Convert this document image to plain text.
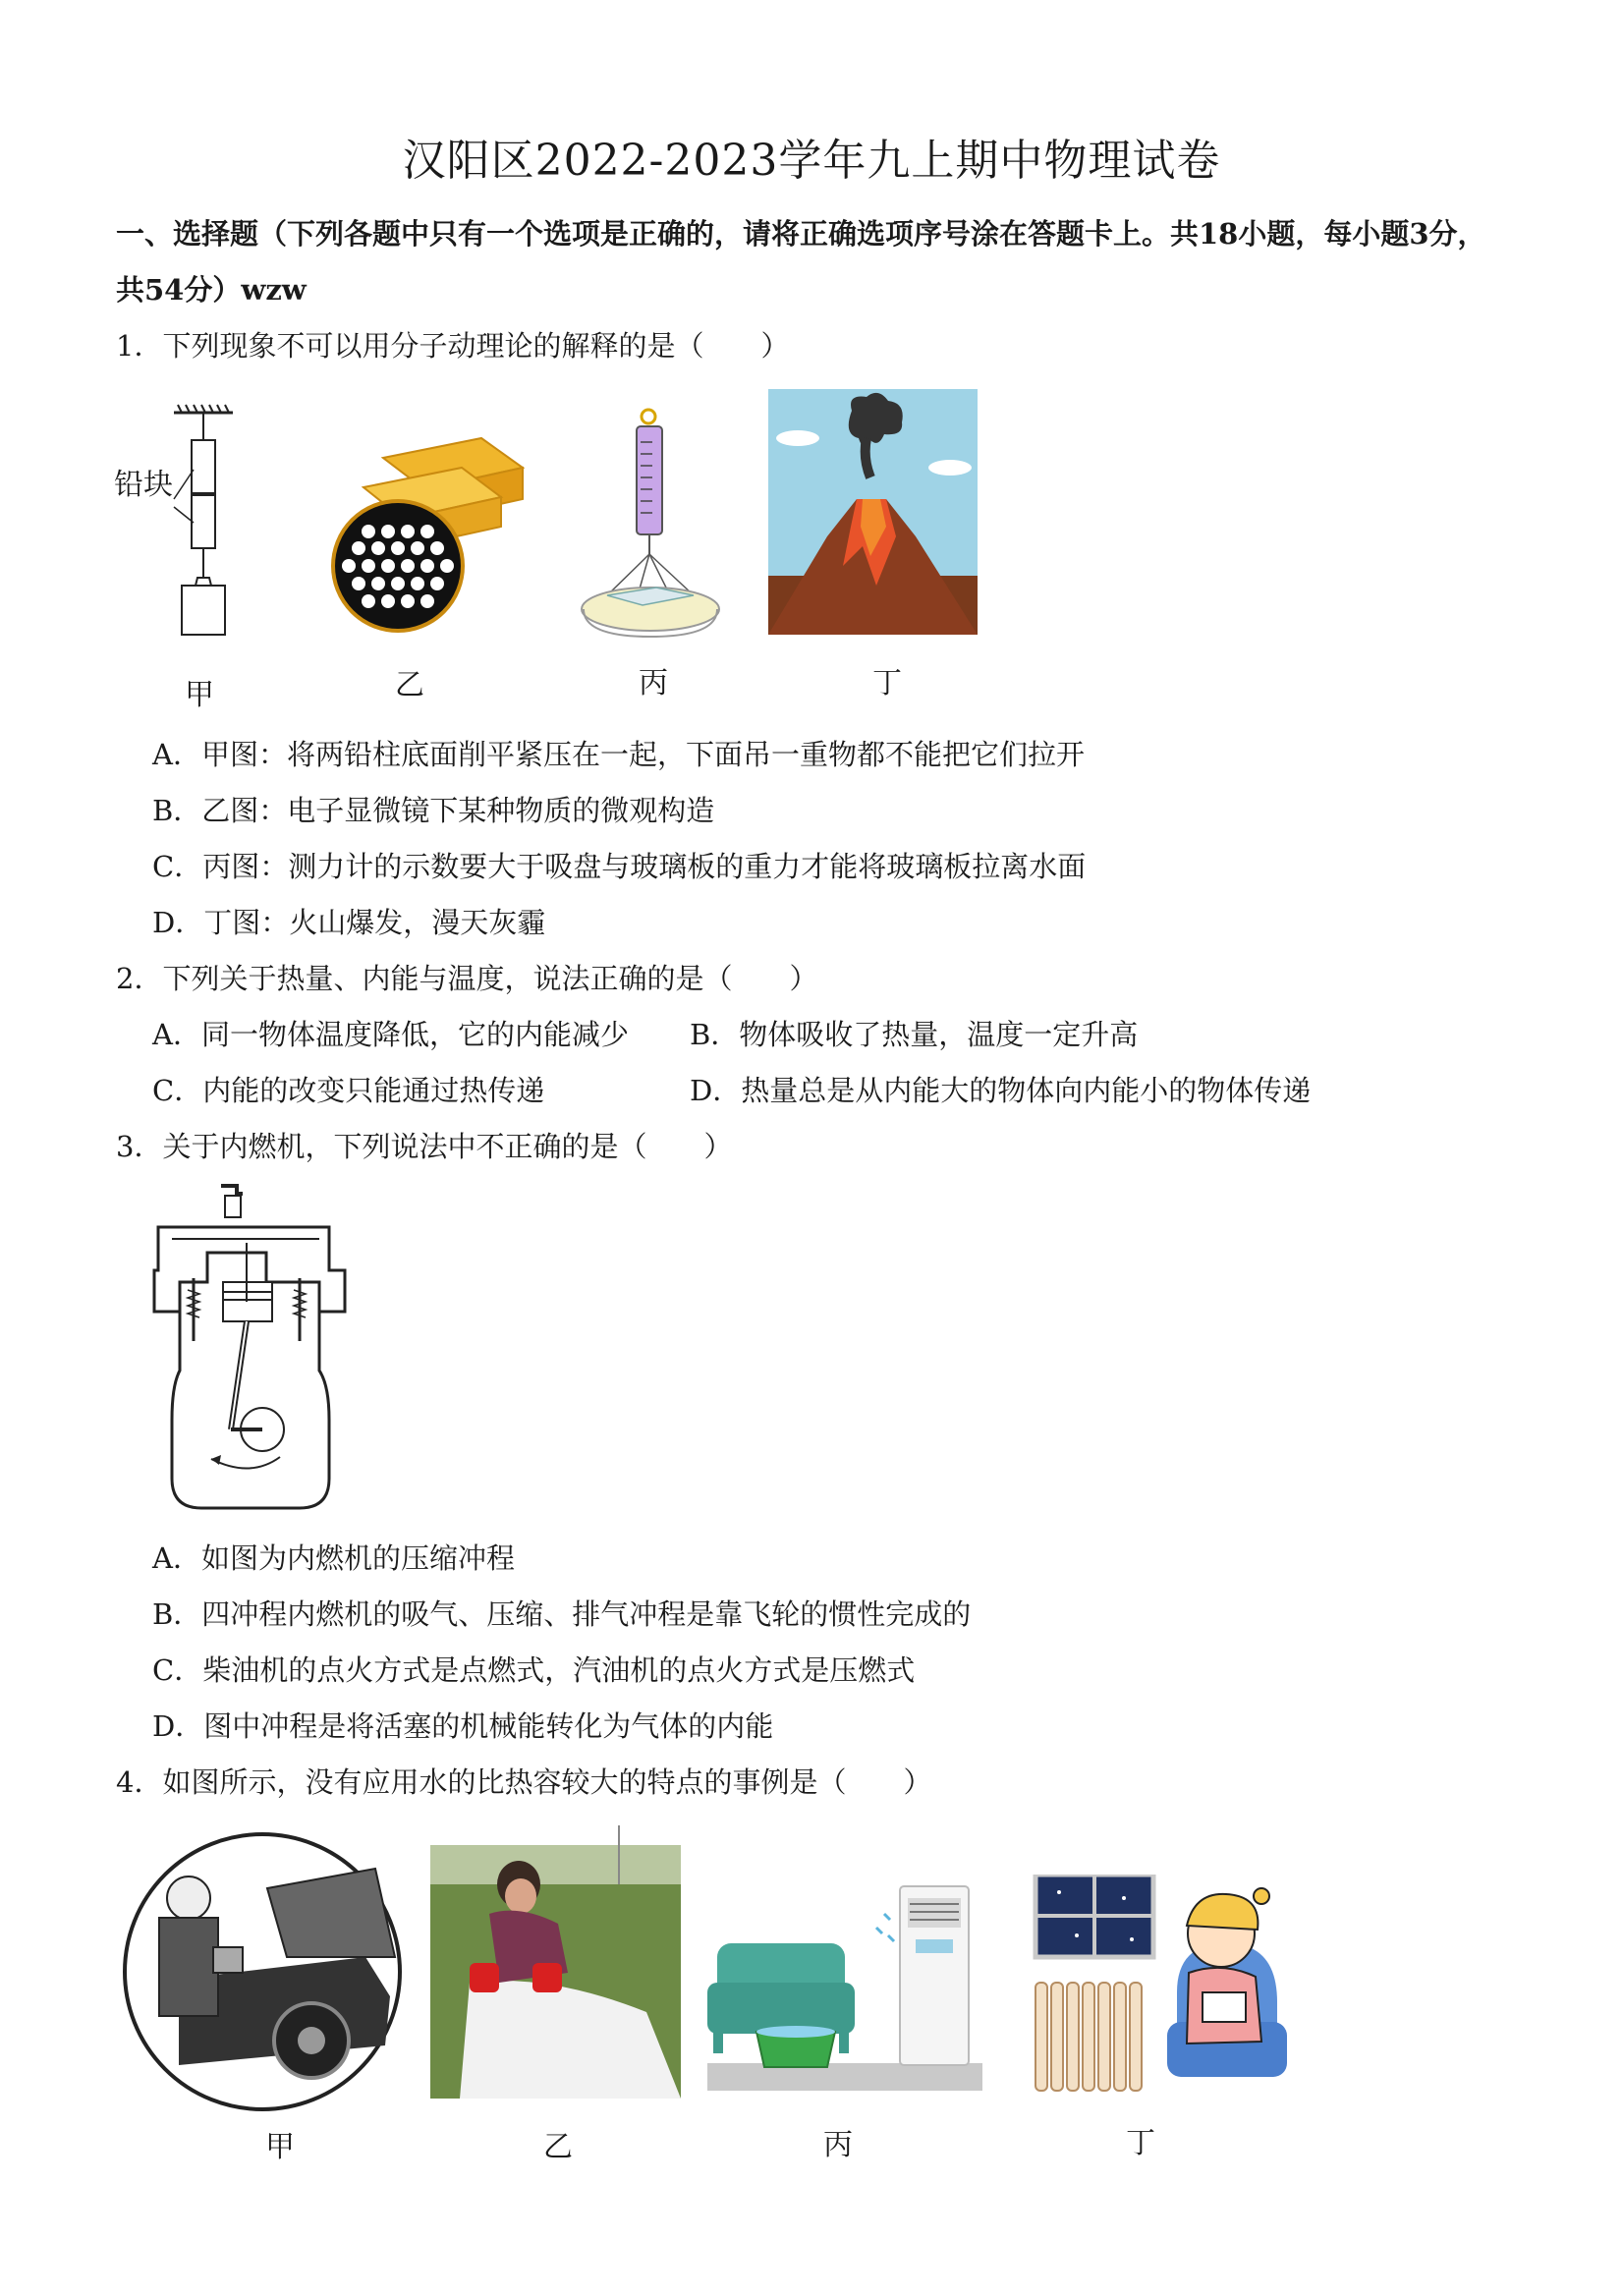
汉阳区2022-2023学年九上期中物理试卷
一、选择题（下列各题中只有一个选项是正确的，请将正确选项序号涂在答题卡上。共18小题，每小题3分，
共54分）wzw
1．下列现象不可以用分子动理论的解释的是（　　）
铅块
甲	乙	丙	丁
A．甲图：将两铅柱底面削平紧压在一起，下面吊一重物都不能把它们拉开
B．乙图：电子显微镜下某种物质的微观构造
C．丙图：测力计的示数要大于吸盘与玻璃板的重力才能将玻璃板拉离水面
D．丁图：火山爆发，漫天灰霾
2．下列关于热量、内能与温度，说法正确的是（　　）
A．同一物体温度降低，它的内能减少 B．物体吸收了热量，温度一定升高
C．内能的改变只能通过热传递	D．热量总是从内能大的物体向内能小的物体传递
3．关于内燃机，下列说法中不正确的是（　　）
A．如图为内燃机的压缩冲程
B．四冲程内燃机的吸气、压缩、排气冲程是靠飞轮的惯性完成的
C．柴油机的点火方式是点燃式，汽油机的点火方式是压燃式
D．图中冲程是将活塞的机械能转化为气体的内能
4．如图所示，没有应用水的比热容较大的特点的事例是（　　）
甲	乙	丙	丁
